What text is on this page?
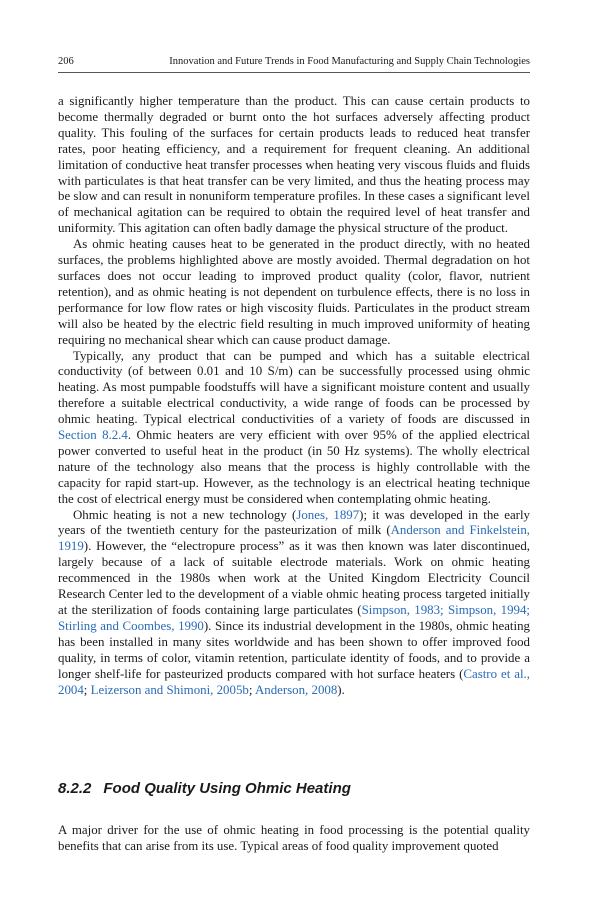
206	Innovation and Future Trends in Food Manufacturing and Supply Chain Technologies

a significantly higher temperature than the product. This can cause certain products to become thermally degraded or burnt onto the hot surfaces adversely affecting product quality. This fouling of the surfaces for certain products leads to reduced heat transfer rates, poor heating efficiency, and a requirement for frequent cleaning. An additional limitation of conductive heat transfer processes when heating very viscous fluids and fluids with particulates is that heat transfer can be very limited, and thus the heating process may be slow and can result in nonuniform temperature profiles. In these cases a significant level of mechanical agitation can be required to obtain the required level of heat transfer and uniformity. This agitation can often badly damage the physical structure of the product.

As ohmic heating causes heat to be generated in the product directly, with no heated surfaces, the problems highlighted above are mostly avoided. Thermal degradation on hot surfaces does not occur leading to improved product quality (color, flavor, nutrient retention), and as ohmic heating is not dependent on turbulence effects, there is no loss in performance for low flow rates or high viscosity fluids. Particulates in the product stream will also be heated by the electric field resulting in much improved uniformity of heating requiring no mechanical shear which can cause product damage.

Typically, any product that can be pumped and which has a suitable electrical conductivity (of between 0.01 and 10 S/m) can be successfully processed using ohmic heating. As most pumpable foodstuffs will have a significant moisture content and usually therefore a suitable electrical conductivity, a wide range of foods can be processed by ohmic heating. Typical electrical conductivities of a variety of foods are discussed in Section 8.2.4. Ohmic heaters are very efficient with over 95% of the applied electrical power converted to useful heat in the product (in 50 Hz systems). The wholly electrical nature of the technology also means that the process is highly controllable with the capacity for rapid start-up. However, as the technology is an electrical heating technique the cost of electrical energy must be considered when contemplating ohmic heating.

Ohmic heating is not a new technology (Jones, 1897); it was developed in the early years of the twentieth century for the pasteurization of milk (Anderson and Finkelstein, 1919). However, the “electropure process” as it was then known was later discontinued, largely because of a lack of suitable electrode materials. Work on ohmic heating recommenced in the 1980s when work at the United Kingdom Electricity Council Research Center led to the development of a viable ohmic heating process targeted initially at the sterilization of foods containing large particulates (Simpson, 1983; Simpson, 1994; Stirling and Coombes, 1990). Since its industrial development in the 1980s, ohmic heating has been installed in many sites worldwide and has been shown to offer improved food quality, in terms of color, vitamin retention, particulate identity of foods, and to provide a longer shelf-life for pasteurized products compared with hot surface heaters (Castro et al., 2004; Leizerson and Shimoni, 2005b; Anderson, 2008).

8.2.2 Food Quality Using Ohmic Heating

A major driver for the use of ohmic heating in food processing is the potential quality benefits that can arise from its use. Typical areas of food quality improvement quoted
